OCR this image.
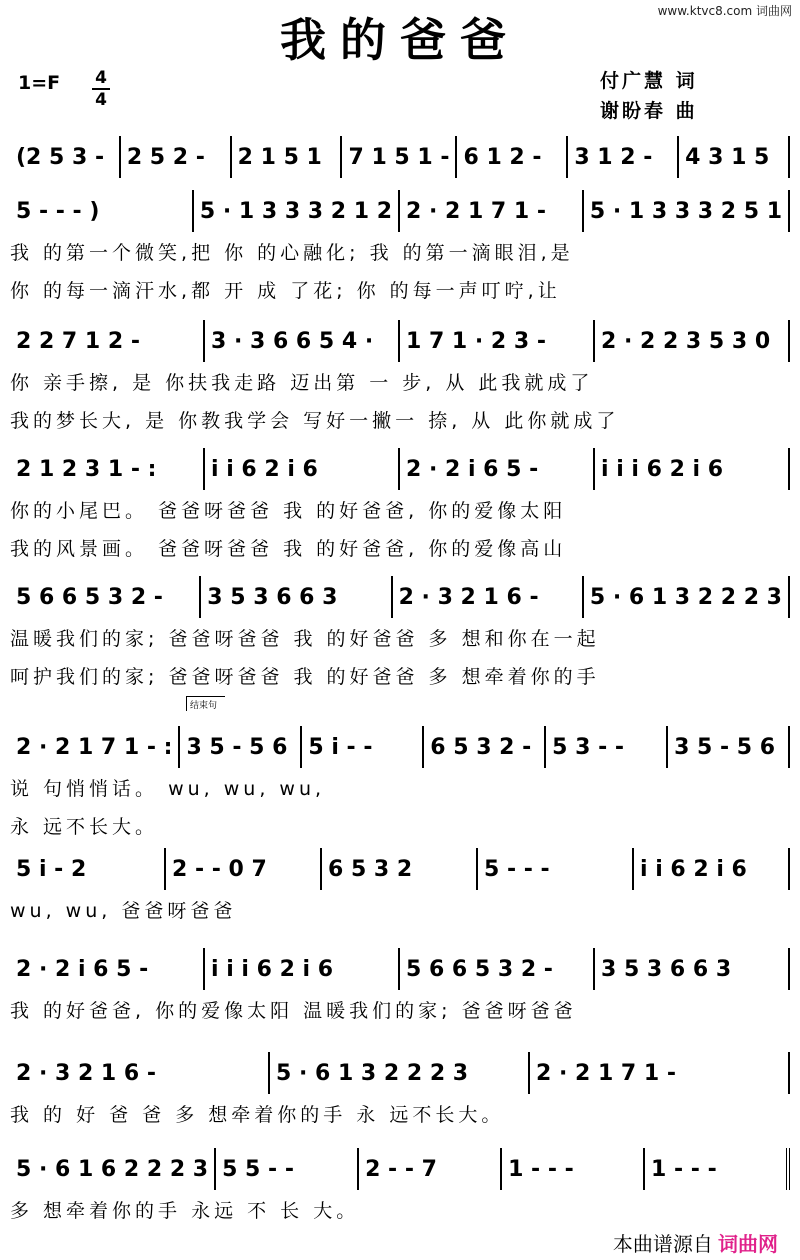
www.ktvc8.com 词曲网
我的爸爸
1=F 4
4
付广慧 词
谢盼春 曲
(2 5 3 -	2 5 2 -	2 1 5 1	7 1 5 1 - 6 1 2 -	3 1 2 -	4 3 1 5
5 - - - )	5 · 1 3 3 3 2 1 2 2 · 2 1 7 1 -	5 · 1 3 3 3 2 5 1
我 的第一个微笑,把 你 的心融化; 我 的第一滴眼泪,是
你 的每一滴汗水,都 开 成 了花; 你 的每一声叮咛,让
2 2 7 1 2 -	3 · 3 6 6 5 4 ·	1 7 1 · 2 3 -	2 · 2 2 3 5 3 0
你 亲手擦, 是 你扶我走路 迈出第 一 步, 从 此我就成了
我的梦长大, 是 你教我学会 写好一撇一 捺, 从 此你就成了
2 1 2 3 1 - :	i i 6 2 i 6	2 · 2 i 6 5 -	i i i 6 2 i 6
你的小尾巴。 爸爸呀爸爸 我 的好爸爸, 你的爱像太阳
我的风景画。 爸爸呀爸爸 我 的好爸爸, 你的爱像高山
5 6 6 5 3 2 -	3 5 3 6 6 3	2 · 3 2 1 6 -	5 · 6 1 3 2 2 2 3
温暖我们的家; 爸爸呀爸爸 我 的好爸爸 多 想和你在一起
呵护我们的家; 爸爸呀爸爸 我 的好爸爸 多 想牵着你的手
2 · 2 1 7 1 - : 3 5 - 5 6 5 i - -	6 5 3 2 - 5 3 - -	3 5 - 5 6
说 句悄悄话。 wu, wu, wu,
永 远不长大。
5 i - 2	2 - - 0 7	6 5 3 2	5 - - -	i i 6 2 i 6
wu, wu, 爸爸呀爸爸
2 · 2 i 6 5 -	i i i 6 2 i 6	5 6 6 5 3 2 -	3 5 3 6 6 3
我 的好爸爸, 你的爱像太阳 温暖我们的家; 爸爸呀爸爸
2 · 3 2 1 6 -	5 · 6 1 3 2 2 2 3	2 · 2 1 7 1 -
我 的 好 爸 爸 多 想牵着你的手 永 远不长大。
5 · 6 1 6 2 2 2 3 5 5 - -	2 - - 7	1 - - -	1 - - -
多 想牵着你的手 永远 不 长 大。
结束句
本曲谱源自 词曲网
